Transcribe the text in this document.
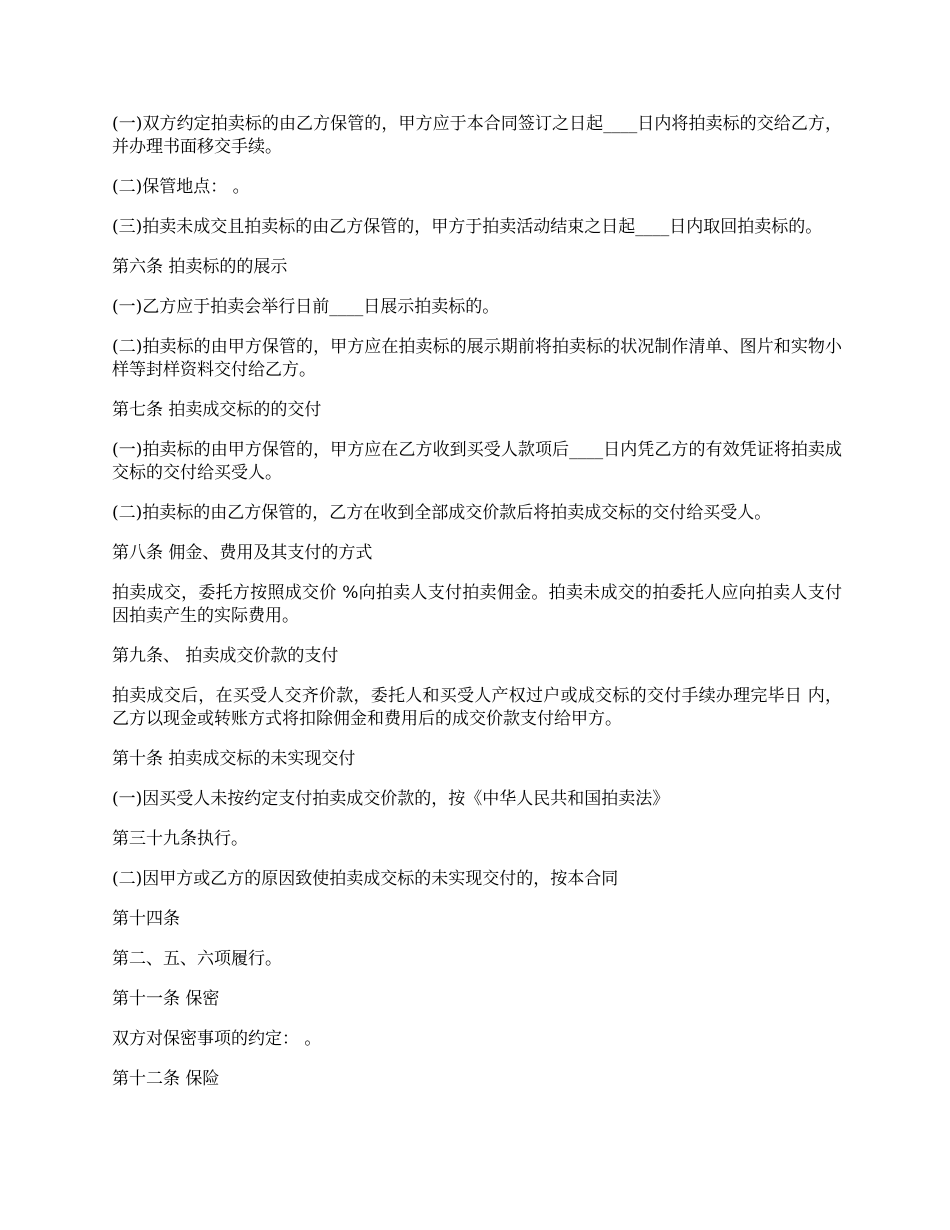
(一)双方约定拍卖标的由乙方保管的，甲方应于本合同签订之日起____日内将拍卖标的交给乙方，并办理书面移交手续。

(二)保管地点： 。

(三)拍卖未成交且拍卖标的由乙方保管的，甲方于拍卖活动结束之日起____日内取回拍卖标的。

第六条 拍卖标的的展示

(一)乙方应于拍卖会举行日前____日展示拍卖标的。

(二)拍卖标的由甲方保管的，甲方应在拍卖标的展示期前将拍卖标的状况制作清单、图片和实物小样等封样资料交付给乙方。

第七条 拍卖成交标的的交付

(一)拍卖标的由甲方保管的，甲方应在乙方收到买受人款项后____日内凭乙方的有效凭证将拍卖成交标的交付给买受人。

(二)拍卖标的由乙方保管的，乙方在收到全部成交价款后将拍卖成交标的交付给买受人。

第八条 佣金、费用及其支付的方式

拍卖成交，委托方按照成交价 %向拍卖人支付拍卖佣金。拍卖未成交的拍委托人应向拍卖人支付因拍卖产生的实际费用。

第九条、 拍卖成交价款的支付

拍卖成交后，在买受人交齐价款，委托人和买受人产权过户或成交标的交付手续办理完毕日 内，乙方以现金或转账方式将扣除佣金和费用后的成交价款支付给甲方。

第十条 拍卖成交标的未实现交付

(一)因买受人未按约定支付拍卖成交价款的，按《中华人民共和国拍卖法》

第三十九条执行。

(二)因甲方或乙方的原因致使拍卖成交标的未实现交付的，按本合同

第十四条

第二、五、六项履行。

第十一条 保密

双方对保密事项的约定： 。

第十二条 保险
